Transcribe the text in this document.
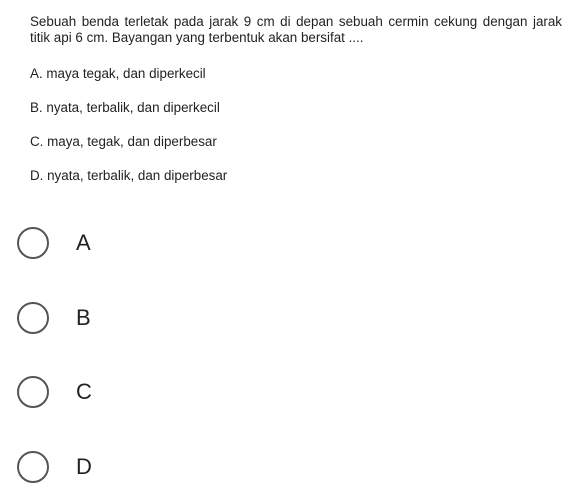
Sebuah benda terletak pada jarak 9 cm di depan sebuah cermin cekung dengan jarak titik api 6 cm. Bayangan yang terbentuk akan bersifat ....

A. maya tegak, dan diperkecil

B. nyata, terbalik, dan diperkecil

C. maya, tegak, dan diperbesar

D. nyata, terbalik, dan diperbesar

A
B
C
D
